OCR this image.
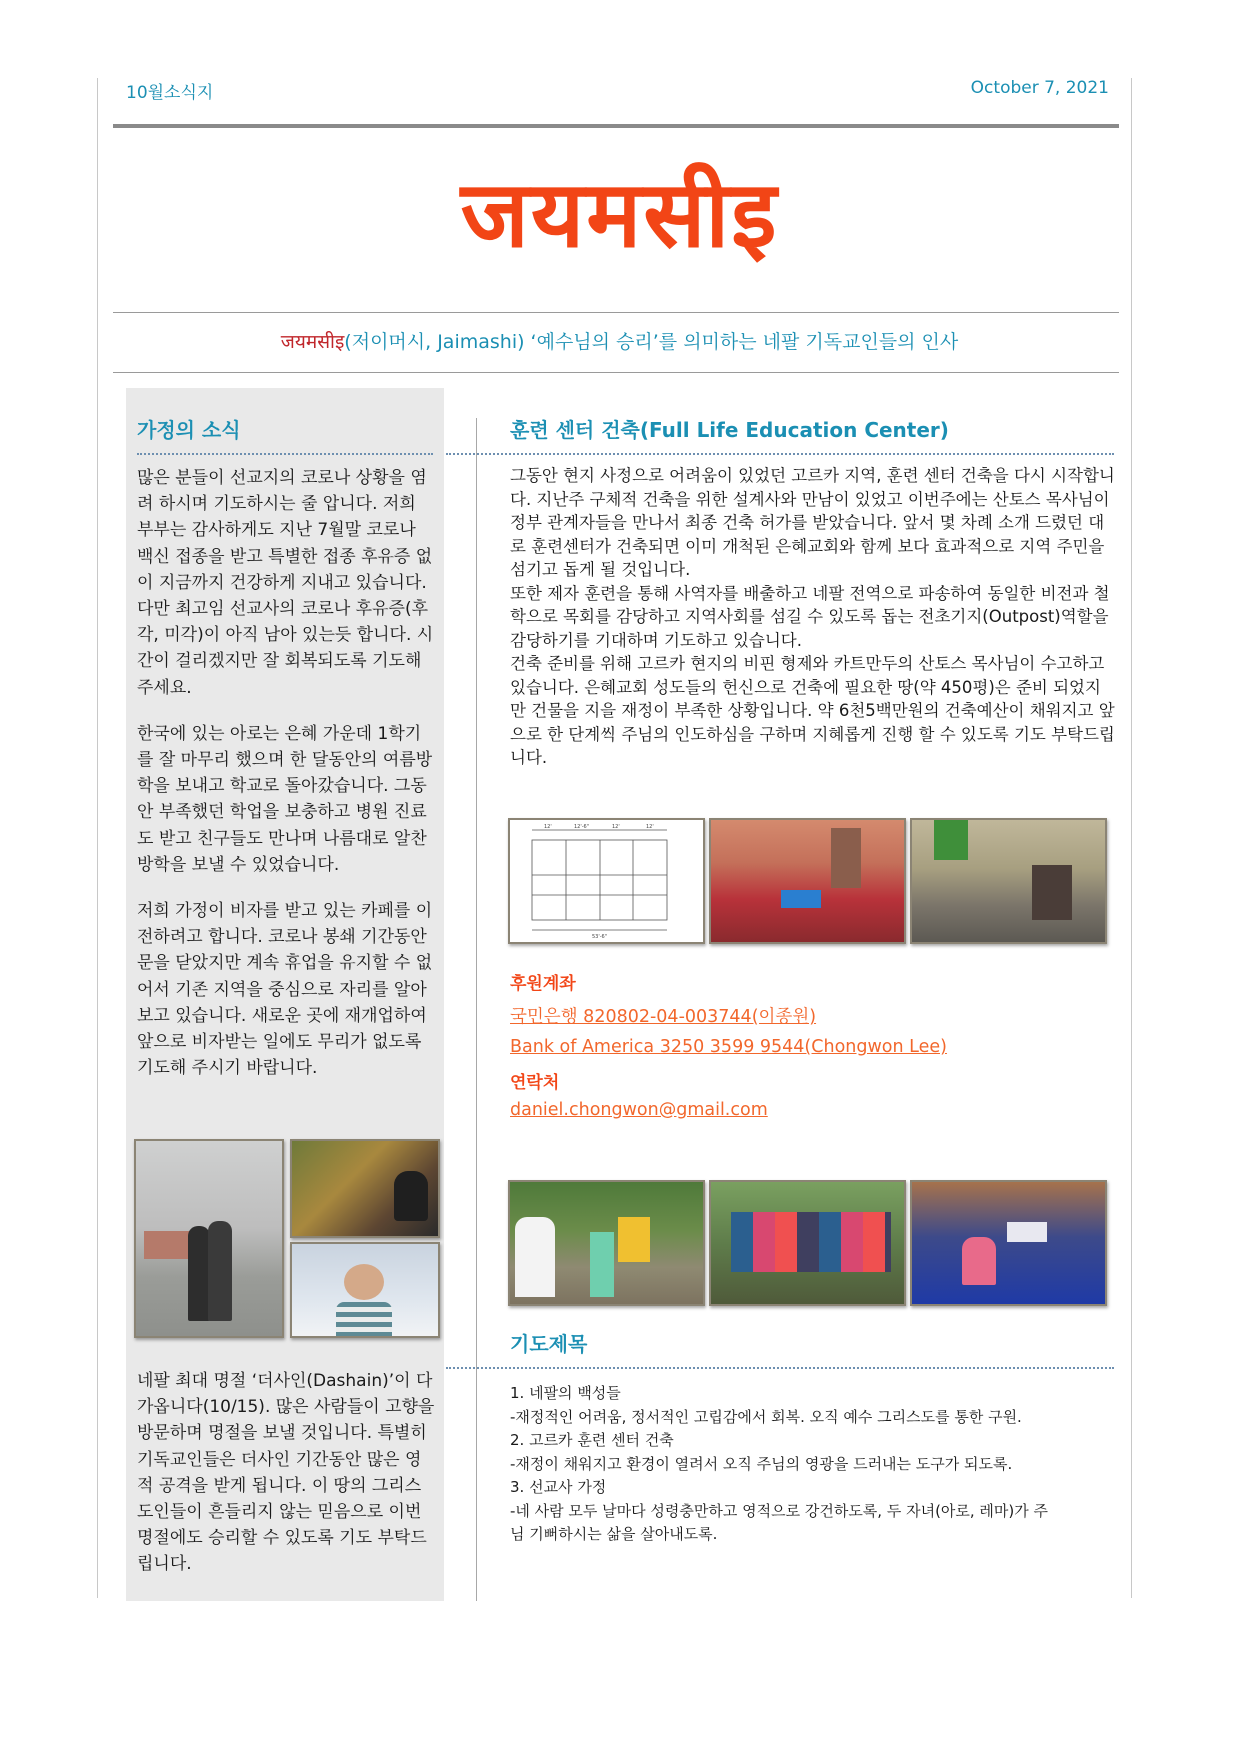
10월소식지	October 7, 2021
जयमसीइ
जयमसीइ(저이머시, Jaimashi) ‘예수님의 승리’를 의미하는 네팔 기독교인들의 인사
가정의 소식

많은 분들이 선교지의 코로나 상황을 염려 하시며 기도하시는 줄 압니다. 저희 부부는 감사하게도 지난 7월말 코로나 백신 접종을 받고 특별한 접종 후유증 없이 지금까지 건강하게 지내고 있습니다. 다만 최고임 선교사의 코로나 후유증(후각, 미각)이 아직 남아 있는듯 합니다. 시간이 걸리겠지만 잘 회복되도록 기도해주세요.

한국에 있는 아로는 은혜 가운데 1학기를 잘 마무리 했으며 한 달동안의 여름방학을 보내고 학교로 돌아갔습니다. 그동안 부족했던 학업을 보충하고 병원 진료도 받고 친구들도 만나며 나름대로 알찬 방학을 보낼 수 있었습니다.

저희 가정이 비자를 받고 있는 카페를 이전하려고 합니다. 코로나 봉쇄 기간동안 문을 닫았지만 계속 휴업을 유지할 수 없어서 기존 지역을 중심으로 자리를 알아보고 있습니다. 새로운 곳에 재개업하여 앞으로 비자받는 일에도 무리가 없도록 기도해 주시기 바랍니다.

네팔 최대 명절 ‘더사인(Dashain)’이 다가옵니다(10/15). 많은 사람들이 고향을 방문하며 명절을 보낼 것입니다. 특별히 기독교인들은 더사인 기간동안 많은 영적 공격을 받게 됩니다. 이 땅의 그리스도인들이 흔들리지 않는 믿음으로 이번 명절에도 승리할 수 있도록 기도 부탁드립니다.

훈련 센터 건축(Full Life Education Center)

그동안 현지 사정으로 어려움이 있었던 고르카 지역, 훈련 센터 건축을 다시 시작합니다. 지난주 구체적 건축을 위한 설계사와 만남이 있었고 이번주에는 산토스 목사님이 정부 관계자들을 만나서 최종 건축 허가를 받았습니다. 앞서 몇 차례 소개 드렸던 대로 훈련센터가 건축되면 이미 개척된 은혜교회와 함께 보다 효과적으로 지역 주민을 섬기고 돕게 될 것입니다.

또한 제자 훈련을 통해 사역자를 배출하고 네팔 전역으로 파송하여 동일한 비전과 철학으로 목회를 감당하고 지역사회를 섬길 수 있도록 돕는 전초기지(Outpost)역할을 감당하기를 기대하며 기도하고 있습니다.

건축 준비를 위해 고르카 현지의 비핀 형제와 카트만두의 산토스 목사님이 수고하고 있습니다. 은혜교회 성도들의 헌신으로 건축에 필요한 땅(약 450평)은 준비 되었지만 건물을 지을 재정이 부족한 상황입니다. 약 6천5백만원의 건축예산이 채워지고 앞으로 한 단계씩 주님의 인도하심을 구하며 지혜롭게 진행 할 수 있도록 기도 부탁드립니다.

12'	12'-6"	12'	12'
53'-6"
후원계좌
국민은행 820802-04-003744(이종원)
Bank of America 3250 3599 9544(Chongwon Lee)
연락처
daniel.chongwon@gmail.com
기도제목
1. 네팔의 백성들
-재정적인 어려움, 정서적인 고립감에서 회복. 오직 예수 그리스도를 통한 구원.
2. 고르카 훈련 센터 건축
-재정이 채워지고 환경이 열려서 오직 주님의 영광을 드러내는 도구가 되도록.
3. 선교사 가정
-네 사람 모두 날마다 성령충만하고 영적으로 강건하도록, 두 자녀(아로, 레마)가 주
님 기뻐하시는 삶을 살아내도록.
